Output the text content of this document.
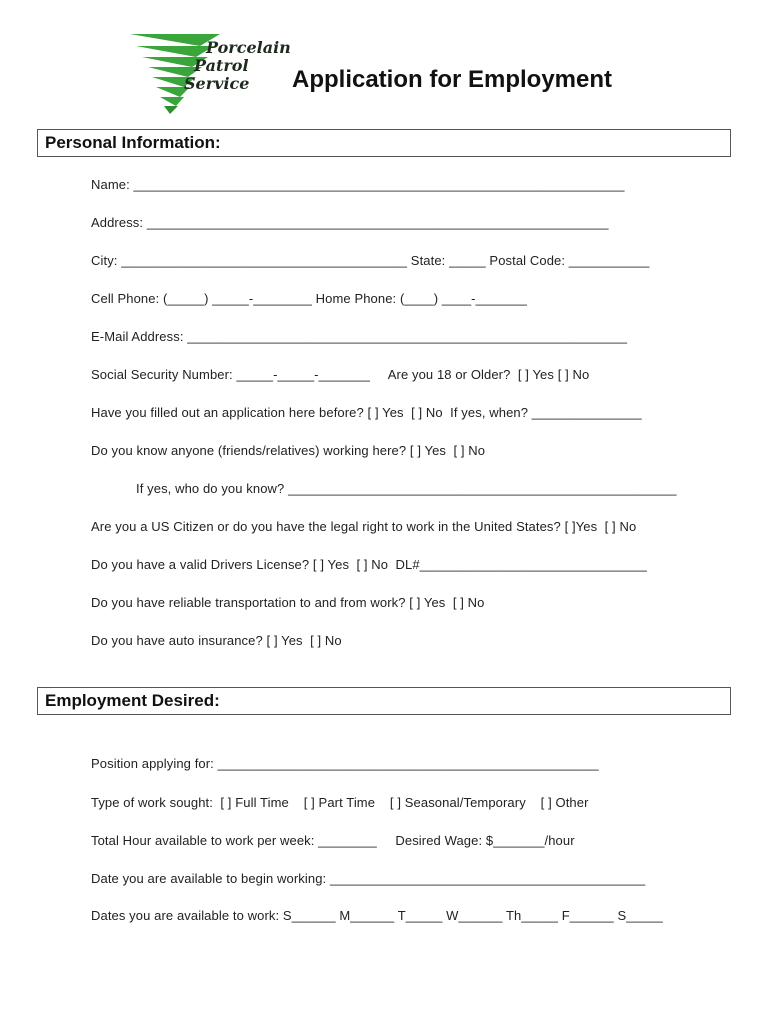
Porcelain
Patrol
Service	Application for Employment
Personal Information:
Name: ___________________________________________________________________
Address: _______________________________________________________________
City: _______________________________________ State: _____ Postal Code: ___________
Cell Phone: (_____) _____-________ Home Phone: (____) ____-_______
E-Mail Address: ____________________________________________________________
Social Security Number: _____-_____-_______     Are you 18 or Older?  [ ] Yes [ ] No
Have you filled out an application here before? [ ] Yes  [ ] No  If yes, when? _______________
Do you know anyone (friends/relatives) working here? [ ] Yes  [ ] No
If yes, who do you know? _____________________________________________________
Are you a US Citizen or do you have the legal right to work in the United States? [ ]Yes  [ ] No
Do you have a valid Drivers License? [ ] Yes  [ ] No  DL#_______________________________
Do you have reliable transportation to and from work? [ ] Yes  [ ] No
Do you have auto insurance? [ ] Yes  [ ] No
Employment Desired:
Position applying for: ____________________________________________________
Type of work sought:  [ ] Full Time    [ ] Part Time    [ ] Seasonal/Temporary    [ ] Other
Total Hour available to work per week: ________     Desired Wage: $_______/hour
Date you are available to begin working: ___________________________________________
Dates you are available to work: S______ M______ T_____ W______ Th_____ F______ S_____
